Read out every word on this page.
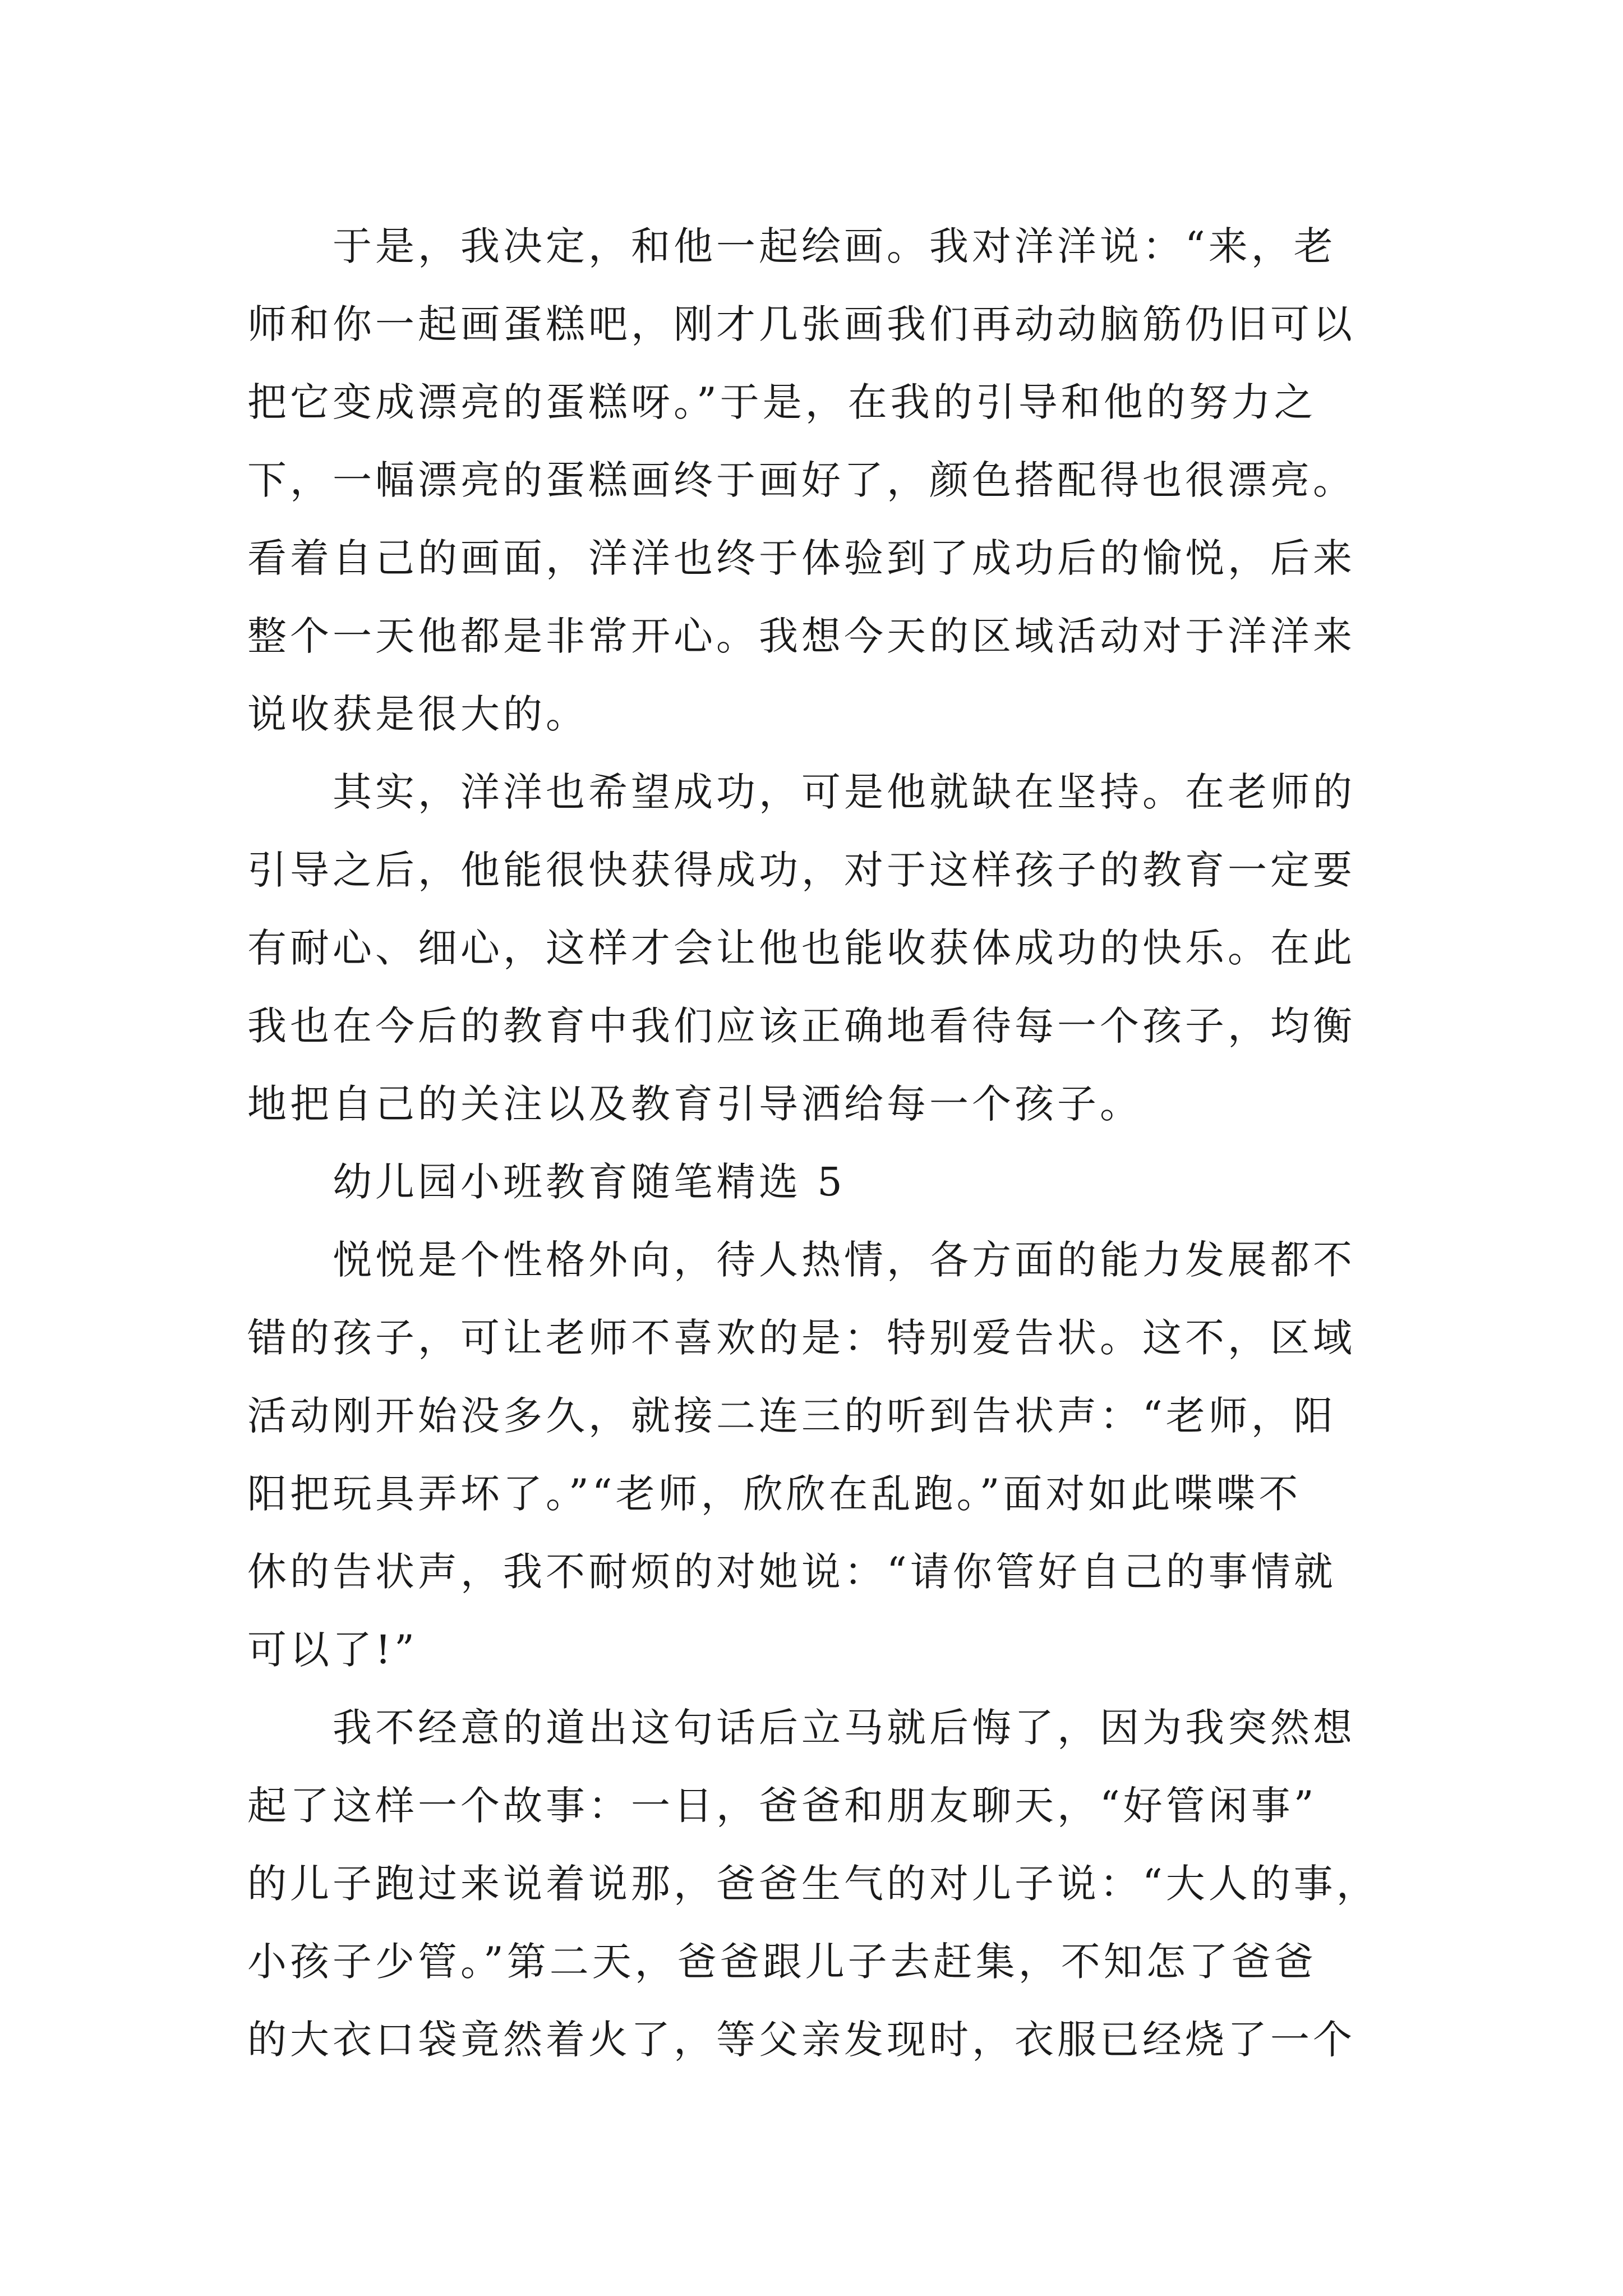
于是，我决定，和他一起绘画。我对洋洋说：“来，老
师和你一起画蛋糕吧，刚才几张画我们再动动脑筋仍旧可以
把它变成漂亮的蛋糕呀。”于是，在我的引导和他的努力之
下，一幅漂亮的蛋糕画终于画好了，颜色搭配得也很漂亮。
看着自己的画面，洋洋也终于体验到了成功后的愉悦，后来
整个一天他都是非常开心。我想今天的区域活动对于洋洋来
说收获是很大的。
其实，洋洋也希望成功，可是他就缺在坚持。在老师的
引导之后，他能很快获得成功，对于这样孩子的教育一定要
有耐心、细心，这样才会让他也能收获体成功的快乐。在此
我也在今后的教育中我们应该正确地看待每一个孩子，均衡
地把自己的关注以及教育引导洒给每一个孩子。
幼儿园小班教育随笔精选 5
悦悦是个性格外向，待人热情，各方面的能力发展都不
错的孩子，可让老师不喜欢的是：特别爱告状。这不，区域
活动刚开始没多久，就接二连三的听到告状声：“老师，阳
阳把玩具弄坏了。”“老师，欣欣在乱跑。”面对如此喋喋不
休的告状声，我不耐烦的对她说：“请你管好自己的事情就
可以了!”
我不经意的道出这句话后立马就后悔了，因为我突然想
起了这样一个故事：一日，爸爸和朋友聊天，“好管闲事”
的儿子跑过来说着说那，爸爸生气的对儿子说：“大人的事，
小孩子少管。”第二天，爸爸跟儿子去赶集，不知怎了爸爸
的大衣口袋竟然着火了，等父亲发现时，衣服已经烧了一个
